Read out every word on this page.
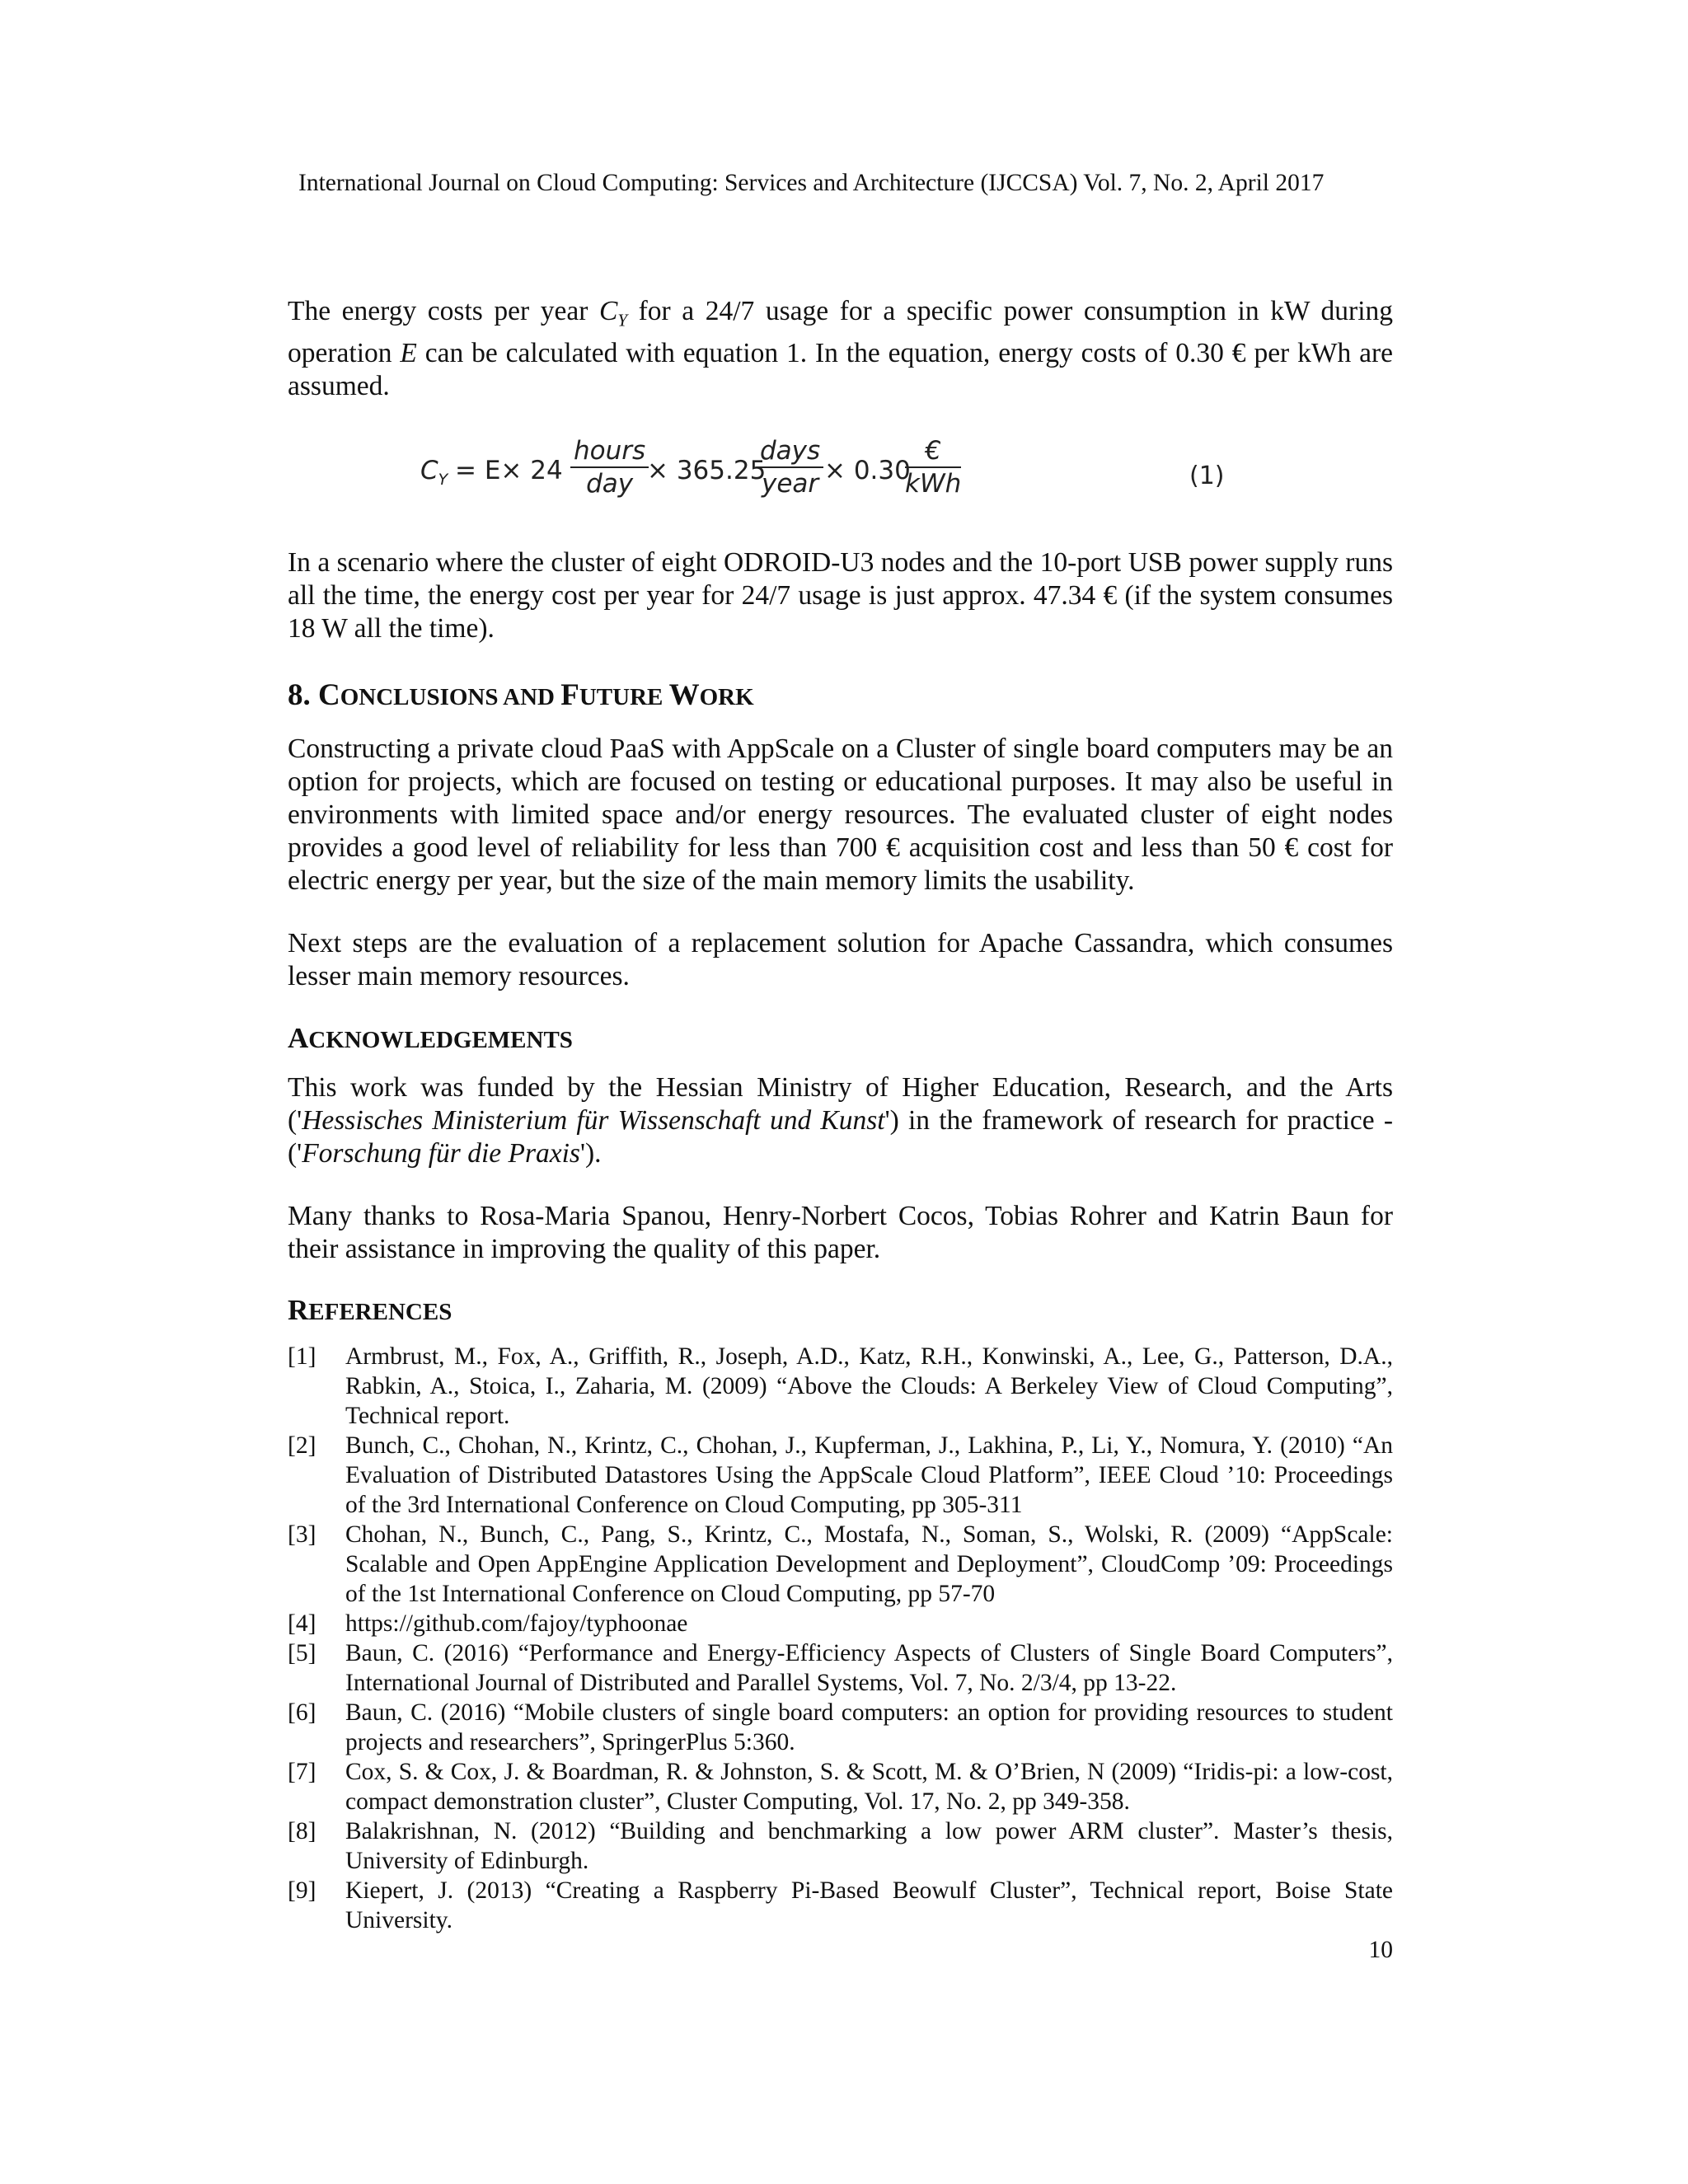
International Journal on Cloud Computing: Services and Architecture (IJCCSA) Vol. 7, No. 2, April 2017

The energy costs per year $C_Y$ for a 24/7 usage for a specific power consumption in kW during operation E can be calculated with equation 1. In the equation, energy costs of 0.30 € per kWh are assumed.

$C_Y = E\times 24$
hours
day × 365.25
days
year × 0.30
€
kWh	(1)

In a scenario where the cluster of eight ODROID-U3 nodes and the 10-port USB power supply runs all the time, the energy cost per year for 24/7 usage is just approx. 47.34 € (if the system consumes 18 W all the time).

8. CONCLUSIONS AND FUTURE WORK

Constructing a private cloud PaaS with AppScale on a Cluster of single board computers may be an option for projects, which are focused on testing or educational purposes. It may also be useful in environments with limited space and/or energy resources. The evaluated cluster of eight nodes provides a good level of reliability for less than 700 € acquisition cost and less than 50 € cost for electric energy per year, but the size of the main memory limits the usability.

Next steps are the evaluation of a replacement solution for Apache Cassandra, which consumes lesser main memory resources.

ACKNOWLEDGEMENTS

This work was funded by the Hessian Ministry of Higher Education, Research, and the Arts ('Hessisches Ministerium für Wissenschaft und Kunst') in the framework of research for practice - ('Forschung für die Praxis').

Many thanks to Rosa-Maria Spanou, Henry-Norbert Cocos, Tobias Rohrer and Katrin Baun for their assistance in improving the quality of this paper.

REFERENCES
[1]	Armbrust, M., Fox, A., Griffith, R., Joseph, A.D., Katz, R.H., Konwinski, A., Lee, G., Patterson, D.A., Rabkin, A., Stoica, I., Zaharia, M. (2009) “Above the Clouds: A Berkeley View of Cloud Computing”, Technical report.
[2]	Bunch, C., Chohan, N., Krintz, C., Chohan, J., Kupferman, J., Lakhina, P., Li, Y., Nomura, Y. (2010) “An Evaluation of Distributed Datastores Using the AppScale Cloud Platform”, IEEE Cloud ’10: Proceedings of the 3rd International Conference on Cloud Computing, pp 305-311
[3]	Chohan, N., Bunch, C., Pang, S., Krintz, C., Mostafa, N., Soman, S., Wolski, R. (2009) “AppScale: Scalable and Open AppEngine Application Development and Deployment”, CloudComp ’09: Proceedings of the 1st International Conference on Cloud Computing, pp 57-70
[4]	https://github.com/fajoy/typhoonae
[5]	Baun, C. (2016) “Performance and Energy-Efficiency Aspects of Clusters of Single Board Computers”, International Journal of Distributed and Parallel Systems, Vol. 7, No. 2/3/4, pp 13-22.
[6]	Baun, C. (2016) “Mobile clusters of single board computers: an option for providing resources to student projects and researchers”, SpringerPlus 5:360.
[7]	Cox, S. & Cox, J. & Boardman, R. & Johnston, S. & Scott, M. & O’Brien, N (2009) “Iridis-pi: a low-cost, compact demonstration cluster”, Cluster Computing, Vol. 17, No. 2, pp 349-358.
[8]	Balakrishnan, N. (2012) “Building and benchmarking a low power ARM cluster”. Master’s thesis, University of Edinburgh.
[9]	Kiepert, J. (2013) “Creating a Raspberry Pi-Based Beowulf Cluster”, Technical report, Boise State University.
10
